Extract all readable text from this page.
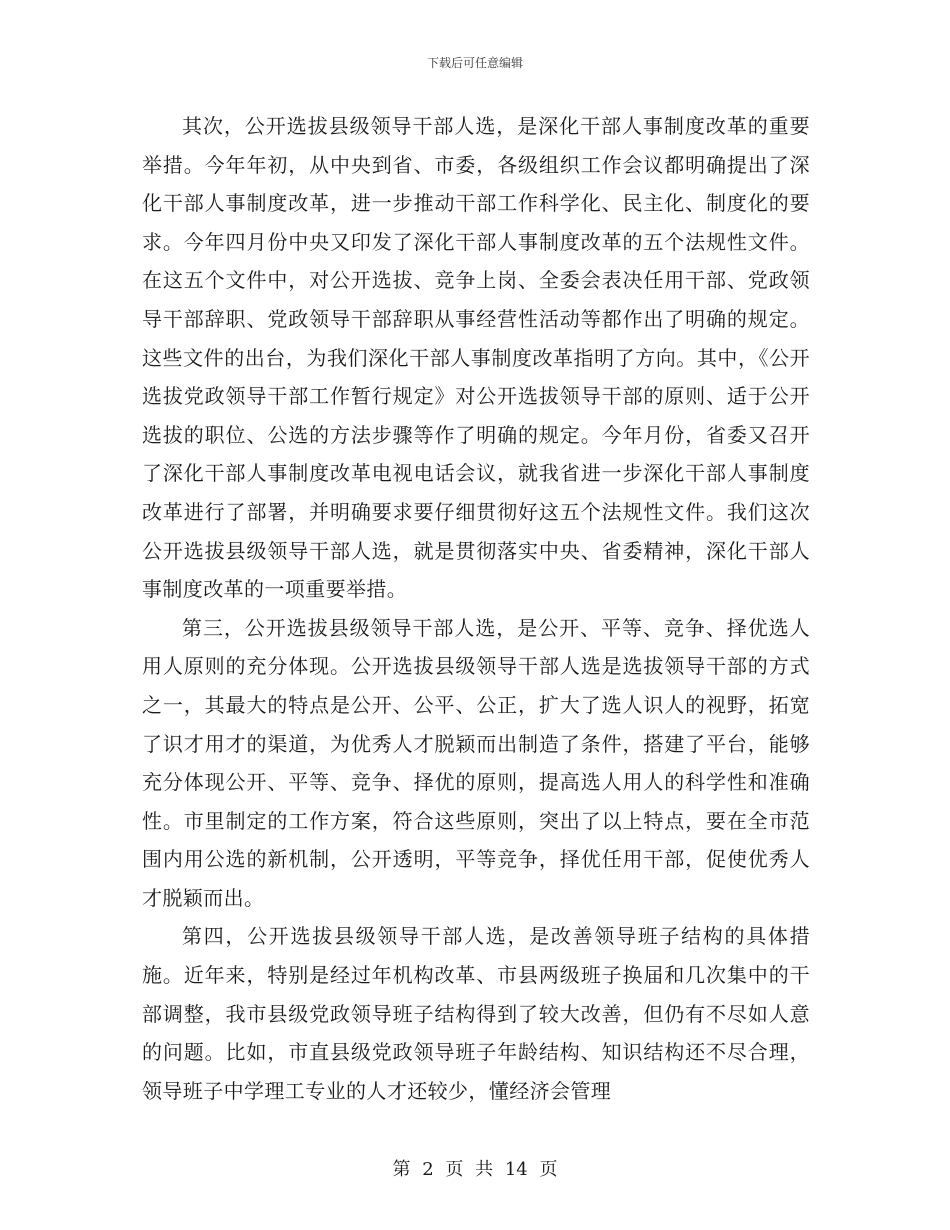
下载后可任意编辑

其次，公开选拔县级领导干部人选，是深化干部人事制度改革的重要举措。今年年初，从中央到省、市委，各级组织工作会议都明确提出了深化干部人事制度改革，进一步推动干部工作科学化、民主化、制度化的要求。今年四月份中央又印发了深化干部人事制度改革的五个法规性文件。在这五个文件中，对公开选拔、竞争上岗、全委会表决任用干部、党政领导干部辞职、党政领导干部辞职从事经营性活动等都作出了明确的规定。这些文件的出台，为我们深化干部人事制度改革指明了方向。其中，《公开选拔党政领导干部工作暂行规定》对公开选拔领导干部的原则、适于公开选拔的职位、公选的方法步骤等作了明确的规定。今年月份，省委又召开了深化干部人事制度改革电视电话会议，就我省进一步深化干部人事制度改革进行了部署，并明确要求要仔细贯彻好这五个法规性文件。我们这次公开选拔县级领导干部人选，就是贯彻落实中央、省委精神，深化干部人事制度改革的一项重要举措。

第三，公开选拔县级领导干部人选，是公开、平等、竞争、择优选人用人原则的充分体现。公开选拔县级领导干部人选是选拔领导干部的方式之一，其最大的特点是公开、公平、公正，扩大了选人识人的视野，拓宽了识才用才的渠道，为优秀人才脱颖而出制造了条件，搭建了平台，能够充分体现公开、平等、竞争、择优的原则，提高选人用人的科学性和准确性。市里制定的工作方案，符合这些原则，突出了以上特点，要在全市范围内用公选的新机制，公开透明，平等竞争，择优任用干部，促使优秀人才脱颖而出。

第四，公开选拔县级领导干部人选，是改善领导班子结构的具体措施。近年来，特别是经过年机构改革、市县两级班子换届和几次集中的干部调整，我市县级党政领导班子结构得到了较大改善，但仍有不尽如人意的问题。比如，市直县级党政领导班子年龄结构、知识结构还不尽合理，领导班子中学理工专业的人才还较少，懂经济会管理

第 2 页 共 14 页
